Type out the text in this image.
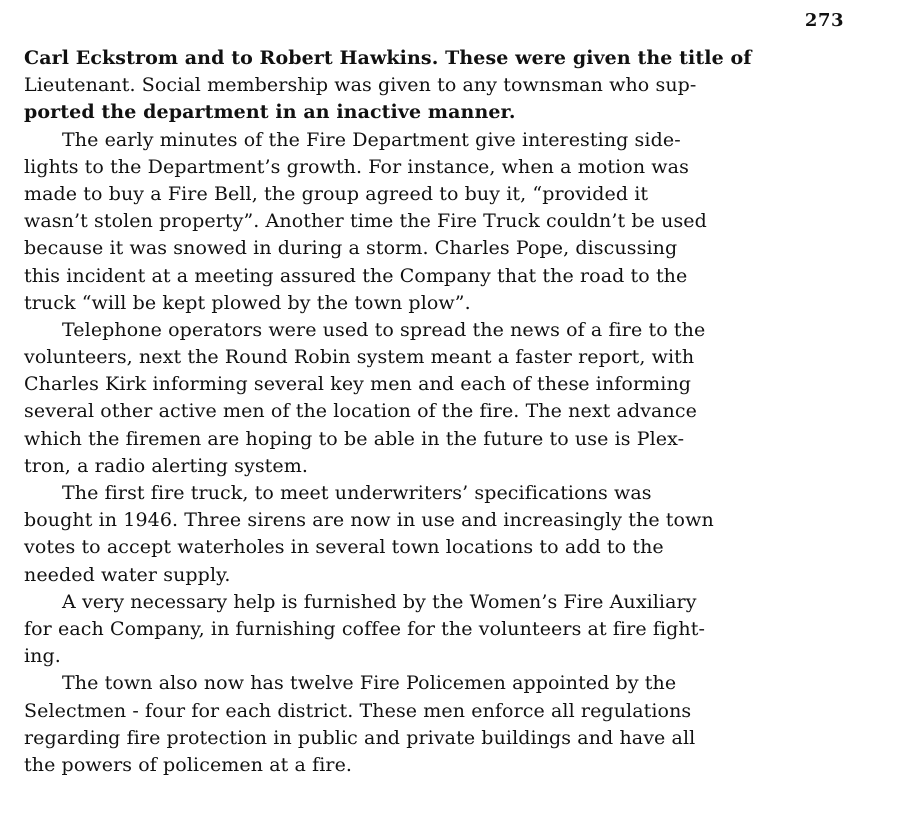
273
Carl Eckstrom and to Robert Hawkins. These were given the title of
Lieutenant. Social membership was given to any townsman who sup-
ported the department in an inactive manner.
The early minutes of the Fire Department give interesting side-
lights to the Department’s growth. For instance, when a motion was
made to buy a Fire Bell, the group agreed to buy it, “provided it
wasn’t stolen property”. Another time the Fire Truck couldn’t be used
because it was snowed in during a storm. Charles Pope, discussing
this incident at a meeting assured the Company that the road to the
truck “will be kept plowed by the town plow”.
Telephone operators were used to spread the news of a fire to the
volunteers, next the Round Robin system meant a faster report, with
Charles Kirk informing several key men and each of these informing
several other active men of the location of the fire. The next advance
which the firemen are hoping to be able in the future to use is Plex-
tron, a radio alerting system.
The first fire truck, to meet underwriters’ specifications was
bought in 1946. Three sirens are now in use and increasingly the town
votes to accept waterholes in several town locations to add to the
needed water supply.
A very necessary help is furnished by the Women’s Fire Auxiliary
for each Company, in furnishing coffee for the volunteers at fire fight-
ing.
The town also now has twelve Fire Policemen appointed by the
Selectmen - four for each district. These men enforce all regulations
regarding fire protection in public and private buildings and have all
the powers of policemen at a fire.
